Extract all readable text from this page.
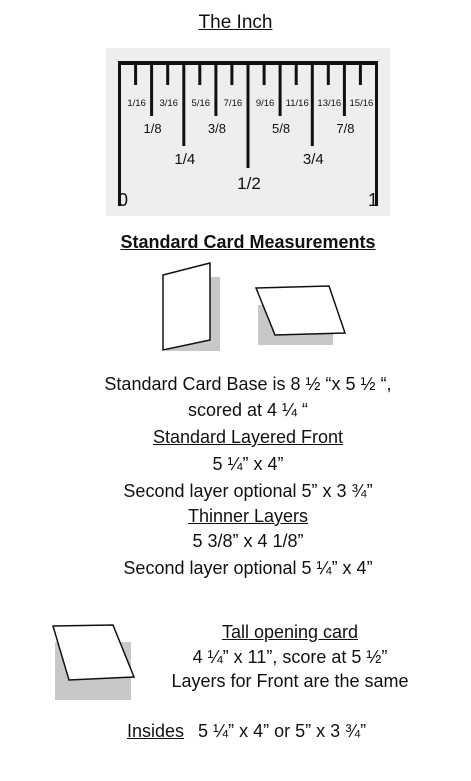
The Inch
1/16 3/16 5/16 7/16 9/16 11/16 13/16 15/16
1/8	3/8	5/8	7/8
1/4	3/4
1/2
0	1
Standard Card Measurements
Standard Card Base is 8 ½ “x 5 ½ “,
scored at 4 ¼ “
Standard Layered Front
5 ¼” x 4”
Second layer optional 5” x 3 ¾”
Thinner Layers
5 3/8” x 4 1/8”
Second layer optional 5 ¼” x 4”
Tall opening card
4 ¼” x 11”, score at 5 ½”
Layers for Front are the same
Insides 5 ¼” x 4” or 5” x 3 ¾”
